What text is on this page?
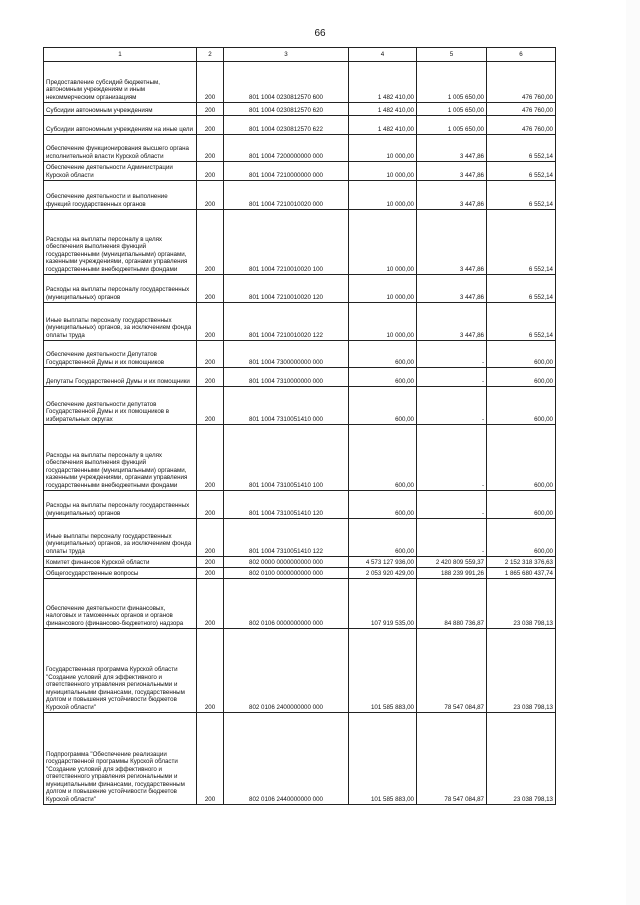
66
1	2	3	4	5	6
Предоставление субсидий бюджетным, автономным учреждениям и иным некоммерческим организациям	200	801 1004 0230812570 600	1 482 410,00	1 005 650,00	476 760,00
Субсидии автономным учреждениям	200	801 1004 0230812570 620	1 482 410,00	1 005 650,00	476 760,00
Субсидии автономным учреждениям на иные цели	200	801 1004 0230812570 622	1 482 410,00	1 005 650,00	476 760,00
Обеспечение функционирования высшего органа исполнительной власти Курской области	200	801 1004 7200000000 000	10 000,00	3 447,86	6 552,14
Обеспечение деятельности Администрации Курской области	200	801 1004 7210000000 000	10 000,00	3 447,86	6 552,14
Обеспечение деятельности и выполнение функций государственных органов	200	801 1004 7210010020 000	10 000,00	3 447,86	6 552,14
Расходы на выплаты персоналу в целях обеспечения выполнения функций государственными (муниципальными) органами, казенными учреждениями, органами управления государственными внебюджетными фондами	200	801 1004 7210010020 100	10 000,00	3 447,86	6 552,14
Расходы на выплаты персоналу государственных (муниципальных) органов	200	801 1004 7210010020 120	10 000,00	3 447,86	6 552,14
Иные выплаты персоналу государственных (муниципальных) органов, за исключением фонда оплаты труда	200	801 1004 7210010020 122	10 000,00	3 447,86	6 552,14
Обеспечение деятельности Депутатов Государственной Думы и их помощников	200	801 1004 7300000000 000	600,00	-	600,00
Депутаты Государственной Думы и их помощники	200	801 1004 7310000000 000	600,00	-	600,00
Обеспечение деятельности депутатов Государственной Думы и их помощников в избирательных округах	200	801 1004 7310051410 000	600,00	-	600,00
Расходы на выплаты персоналу в целях обеспечения выполнения функций государственными (муниципальными) органами, казенными учреждениями, органами управления государственными внебюджетными фондами	200	801 1004 7310051410 100	600,00	-	600,00
Расходы на выплаты персоналу государственных (муниципальных) органов	200	801 1004 7310051410 120	600,00	-	600,00
Иные выплаты персоналу государственных (муниципальных) органов, за исключением фонда оплаты труда	200	801 1004 7310051410 122	600,00	-	600,00
Комитет финансов Курской области	200	802 0000 0000000000 000	4 573 127 936,00	2 420 809 559,37	2 152 318 376,63
Общегосударственные вопросы	200	802 0100 0000000000 000	2 053 920 429,00	188 239 991,26	1 865 680 437,74
Обеспечение деятельности финансовых, налоговых и таможенных органов и органов финансового (финансово-бюджетного) надзора	200	802 0106 0000000000 000	107 919 535,00	84 880 736,87	23 038 798,13
Государственная программа Курской области "Создание условий для эффективного и ответственного управления региональными и муниципальными финансами, государственным долгом и повышения устойчивости бюджетов Курской области"	200	802 0106 2400000000 000	101 585 883,00	78 547 084,87	23 038 798,13
Подпрограмма "Обеспечение реализации государственной программы Курской области "Создание условий для эффективного и ответственного управления региональными и муниципальными финансами, государственным долгом и повышение устойчивости бюджетов Курской области"	200	802 0106 2440000000 000	101 585 883,00	78 547 084,87	23 038 798,13
